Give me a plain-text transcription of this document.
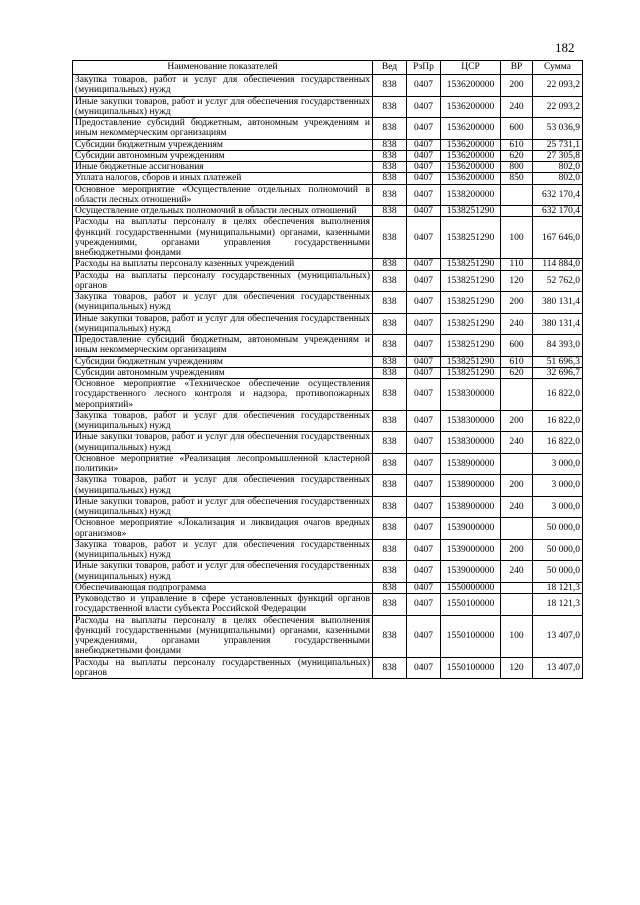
182
Наименование показателей	Вед	РзПр	ЦСР	ВР	Сумма
Закупка товаров, работ и услуг для обеспечения государственных (муниципальных) нужд	838	0407	1536200000	200	22 093,2
Иные закупки товаров, работ и услуг для обеспечения государственных (муниципальных) нужд	838	0407	1536200000	240	22 093,2
Предоставление субсидий бюджетным, автономным учреждениям и иным некоммерческим организациям	838	0407	1536200000	600	53 036,9
Субсидии бюджетным учреждениям	838	0407	1536200000	610	25 731,1
Субсидии автономным учреждениям	838	0407	1536200000	620	27 305,8
Иные бюджетные ассигнования	838	0407	1536200000	800	802,0
Уплата налогов, сборов и иных платежей	838	0407	1536200000	850	802,0
Основное мероприятие «Осуществление отдельных полномочий в области лесных отношений»	838	0407	1538200000		632 170,4
Осуществление отдельных полномочий в области лесных отношений	838	0407	1538251290		632 170,4
Расходы на выплаты персоналу в целях обеспечения выполнения функций государственными (муниципальными) органами, казенными учреждениями, органами управления государственными внебюджетными фондами	838	0407	1538251290	100	167 646,0
Расходы на выплаты персоналу казенных учреждений	838	0407	1538251290	110	114 884,0
Расходы на выплаты персоналу государственных (муниципальных) органов	838	0407	1538251290	120	52 762,0
Закупка товаров, работ и услуг для обеспечения государственных (муниципальных) нужд	838	0407	1538251290	200	380 131,4
Иные закупки товаров, работ и услуг для обеспечения государственных (муниципальных) нужд	838	0407	1538251290	240	380 131,4
Предоставление субсидий бюджетным, автономным учреждениям и иным некоммерческим организациям	838	0407	1538251290	600	84 393,0
Субсидии бюджетным учреждениям	838	0407	1538251290	610	51 696,3
Субсидии автономным учреждениям	838	0407	1538251290	620	32 696,7
Основное мероприятие «Техническое обеспечение осуществления государственного лесного контроля и надзора, противопожарных мероприятий»	838	0407	1538300000		16 822,0
Закупка товаров, работ и услуг для обеспечения государственных (муниципальных) нужд	838	0407	1538300000	200	16 822,0
Иные закупки товаров, работ и услуг для обеспечения государственных (муниципальных) нужд	838	0407	1538300000	240	16 822,0
Основное мероприятие «Реализация лесопромышленной кластерной политики»	838	0407	1538900000		3 000,0
Закупка товаров, работ и услуг для обеспечения государственных (муниципальных) нужд	838	0407	1538900000	200	3 000,0
Иные закупки товаров, работ и услуг для обеспечения государственных (муниципальных) нужд	838	0407	1538900000	240	3 000,0
Основное мероприятие «Локализация и ликвидация очагов вредных организмов»	838	0407	1539000000		50 000,0
Закупка товаров, работ и услуг для обеспечения государственных (муниципальных) нужд	838	0407	1539000000	200	50 000,0
Иные закупки товаров, работ и услуг для обеспечения государственных (муниципальных) нужд	838	0407	1539000000	240	50 000,0
Обеспечивающая подпрограмма	838	0407	1550000000		18 121,3
Руководство и управление в сфере установленных функций органов государственной власти субъекта Российской Федерации	838	0407	1550100000		18 121,3
Расходы на выплаты персоналу в целях обеспечения выполнения функций государственными (муниципальными) органами, казенными учреждениями, органами управления государственными внебюджетными фондами	838	0407	1550100000	100	13 407,0
Расходы на выплаты персоналу государственных (муниципальных) органов	838	0407	1550100000	120	13 407,0
